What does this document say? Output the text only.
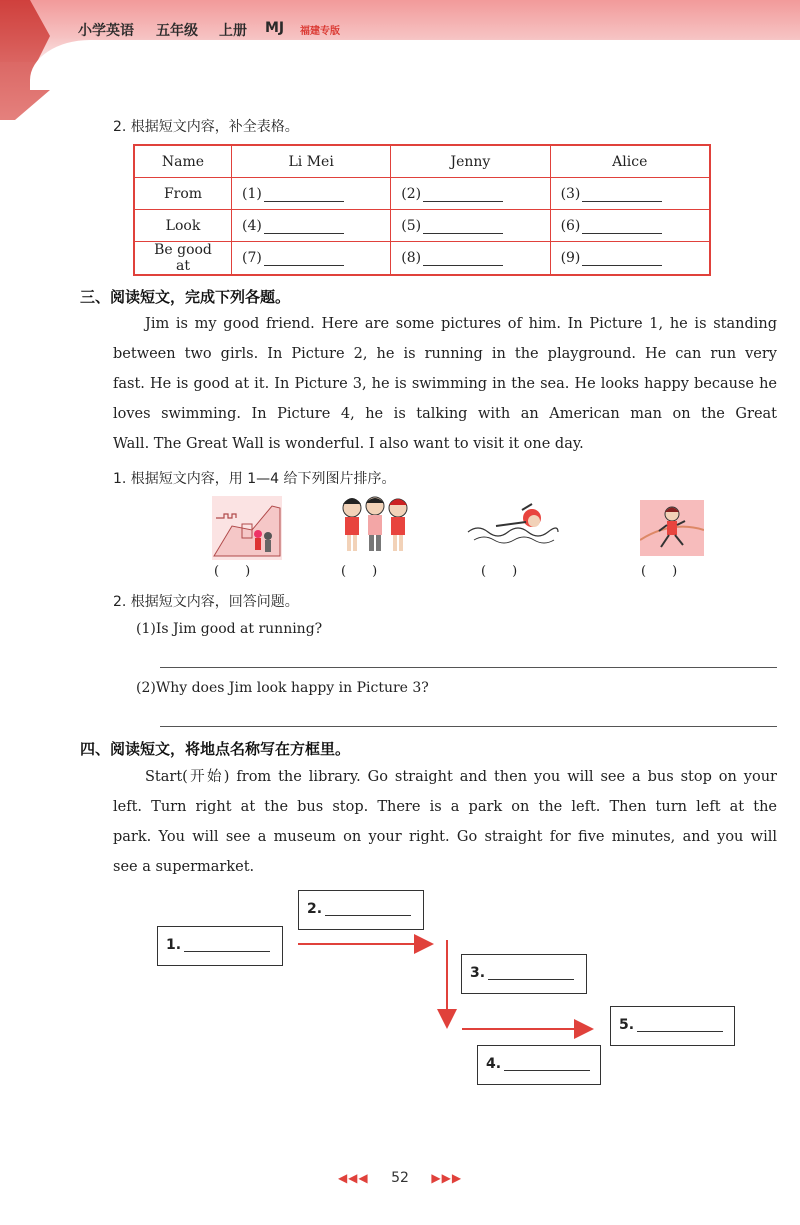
小学英语 五年级 上册 MJ 福建专版
2. 根据短文内容，补全表格。
Name	Li Mei	Jenny	Alice
From	(1)	(2)	(3)
Look	(4)	(5)	(6)
Be good at	(7)	(8)	(9)
三、阅读短文，完成下列各题。
Jim is my good friend. Here are some pictures of him. In Picture 1, he is standing
between two girls. In Picture 2, he is running in the playground. He can run very
fast. He is good at it. In Picture 3, he is swimming in the sea. He looks happy because he
loves swimming. In Picture 4, he is talking with an American man on the Great
Wall. The Great Wall is wonderful. I also want to visit it one day.
1. 根据短文内容，用 1—4 给下列图片排序。
(　　)	(　　)	(　　)	(　　)
2. 根据短文内容，回答问题。
(1)Is Jim good at running?
(2)Why does Jim look happy in Picture 3?
四、阅读短文，将地点名称写在方框里。
Start(开始) from the library. Go straight and then you will see a bus stop on your
left. Turn right at the bus stop. There is a park on the left. Then turn left at the
park. You will see a museum on your right. Go straight for five minutes, and you will
see a supermarket.
1.
2.
3.
4.
5.
◀◀◀ 52 ▶▶▶
